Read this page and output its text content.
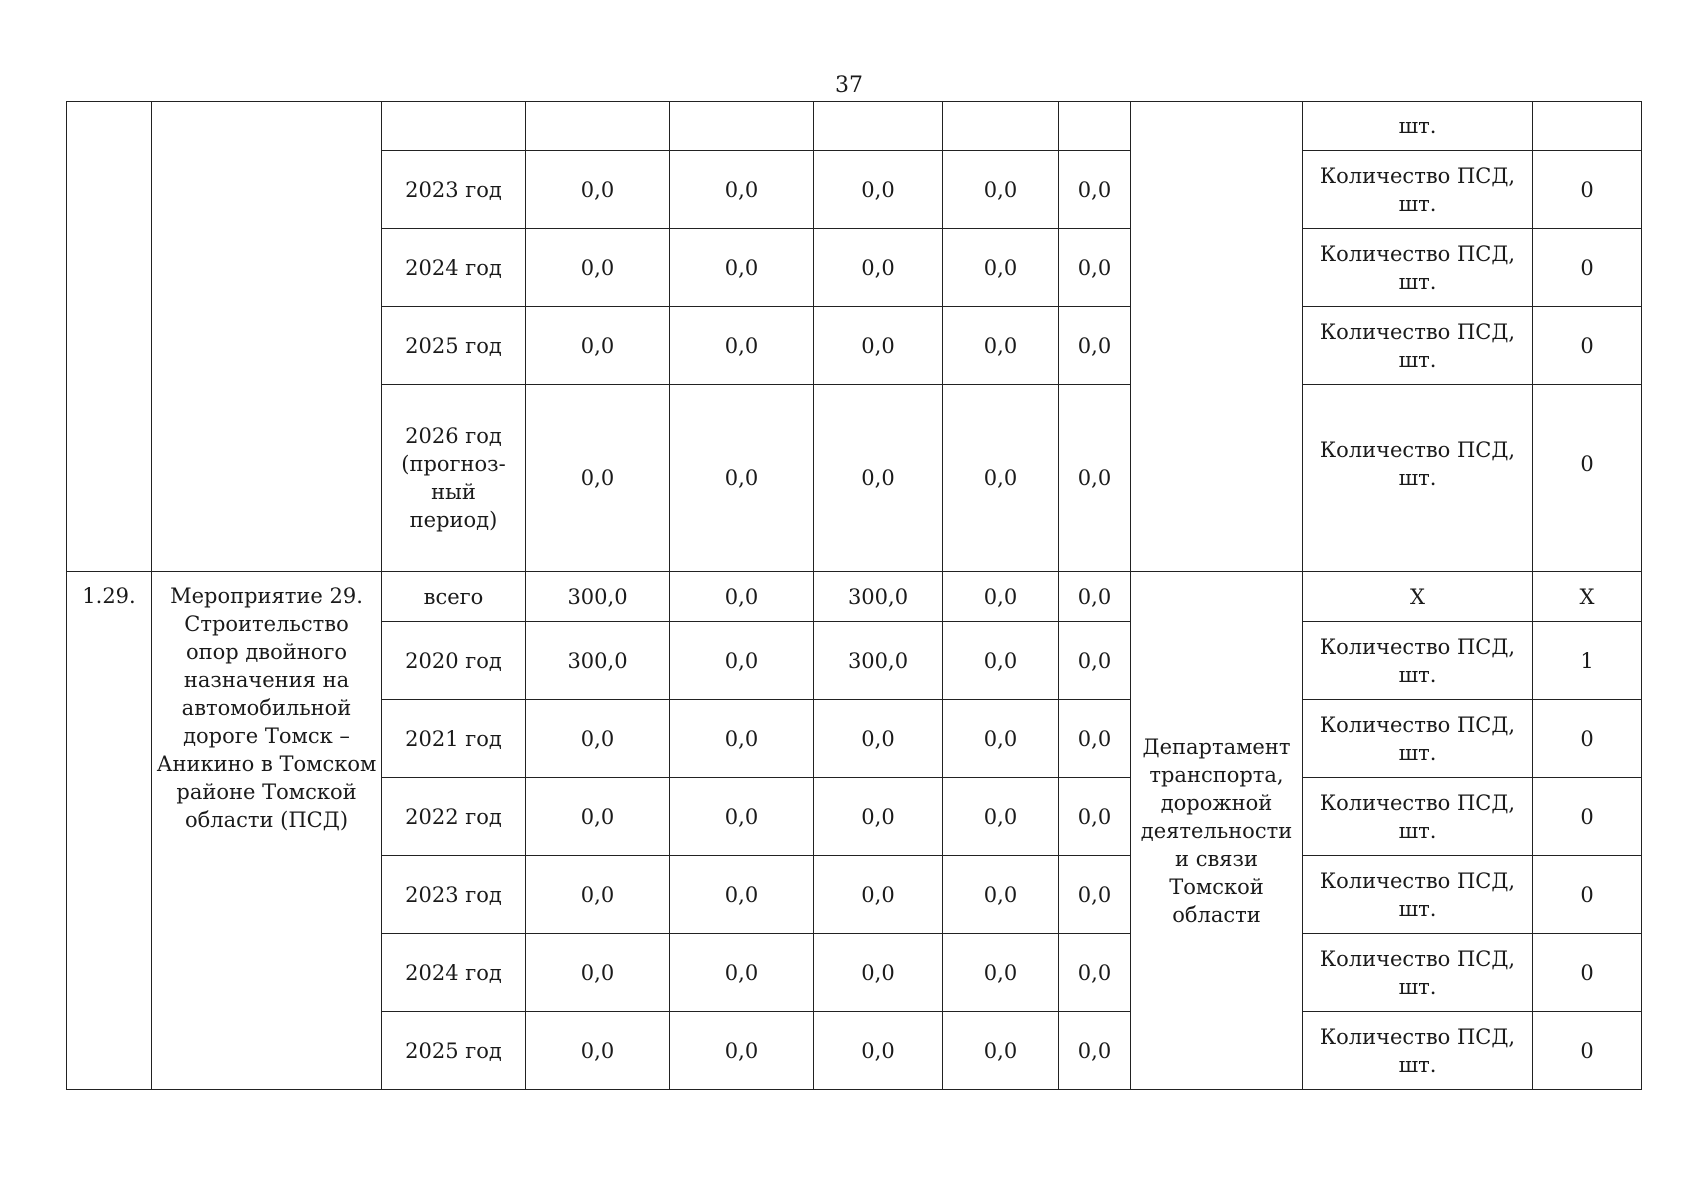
37
									шт.	
		2023 год	0,0	0,0	0,0	0,0	0,0		Количество ПСД, шт.	0
		2024 год	0,0	0,0	0,0	0,0	0,0		Количество ПСД, шт.	0
		2025 год	0,0	0,0	0,0	0,0	0,0		Количество ПСД, шт.	0
		2026 год (прогноз-ный период)	0,0	0,0	0,0	0,0	0,0		Количество ПСД, шт.	0
1.29.	Мероприятие 29. Строительство опор двойного назначения на автомобильной дороге Томск – Аникино в Томском районе Томской области (ПСД)	всего	300,0	0,0	300,0	0,0	0,0	Департамент транспорта, дорожной деятельности и связи Томской области	Х	Х
		2020 год	300,0	0,0	300,0	0,0	0,0		Количество ПСД, шт.	1
		2021 год	0,0	0,0	0,0	0,0	0,0		Количество ПСД, шт.	0
		2022 год	0,0	0,0	0,0	0,0	0,0		Количество ПСД, шт.	0
		2023 год	0,0	0,0	0,0	0,0	0,0		Количество ПСД, шт.	0
		2024 год	0,0	0,0	0,0	0,0	0,0		Количество ПСД, шт.	0
		2025 год	0,0	0,0	0,0	0,0	0,0		Количество ПСД, шт.	0
